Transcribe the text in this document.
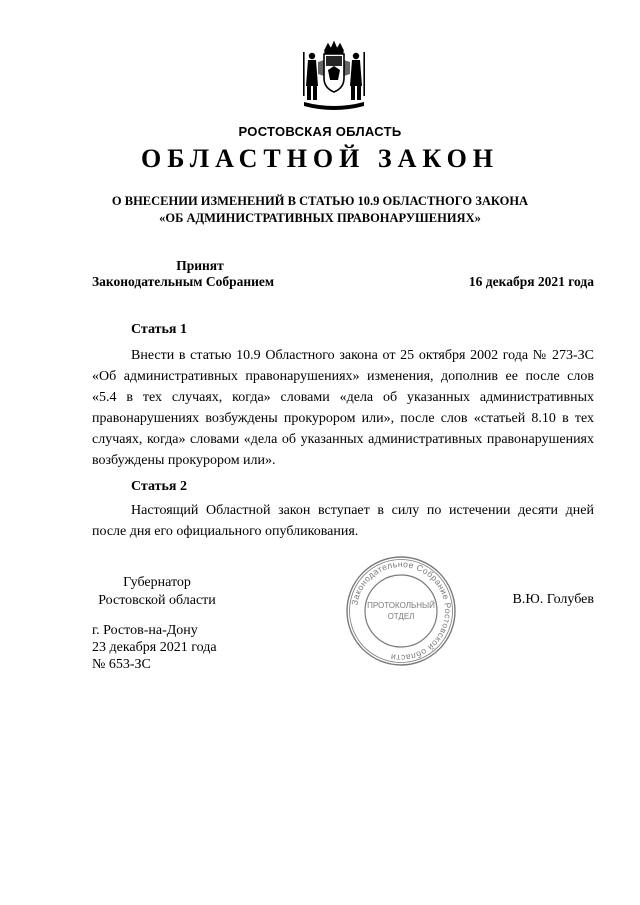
РОСТОВСКАЯ ОБЛАСТЬ
ОБЛАСТНОЙ ЗАКОН
О ВНЕСЕНИИ ИЗМЕНЕНИЙ В СТАТЬЮ 10.9 ОБЛАСТНОГО ЗАКОНА
«ОБ АДМИНИСТРАТИВНЫХ ПРАВОНАРУШЕНИЯХ»
Принят
Законодательным Собранием	16 декабря 2021 года
Статья 1

Внести в статью 10.9 Областного закона от 25 октября 2002 года № 273-ЗС «Об административных правонарушениях» изменения, дополнив ее после слов «5.4 в тех случаях, когда» словами «дела об указанных административных правонарушениях возбуждены прокурором или», после слов «статьей 8.10 в тех случаях, когда» словами «дела об указанных административных правонарушениях возбуждены прокурором или».

Статья 2

Настоящий Областной закон вступает в силу по истечении десяти дней после дня его официального опубликования.

Губернатор
Ростовской области	Законодательное Собрание Ростовской области
ПРОТОКОЛЬНЫЙ
ОТДЕЛ
В.Ю. Голубев
г. Ростов-на-Дону
23 декабря 2021 года
№ 653-ЗС
